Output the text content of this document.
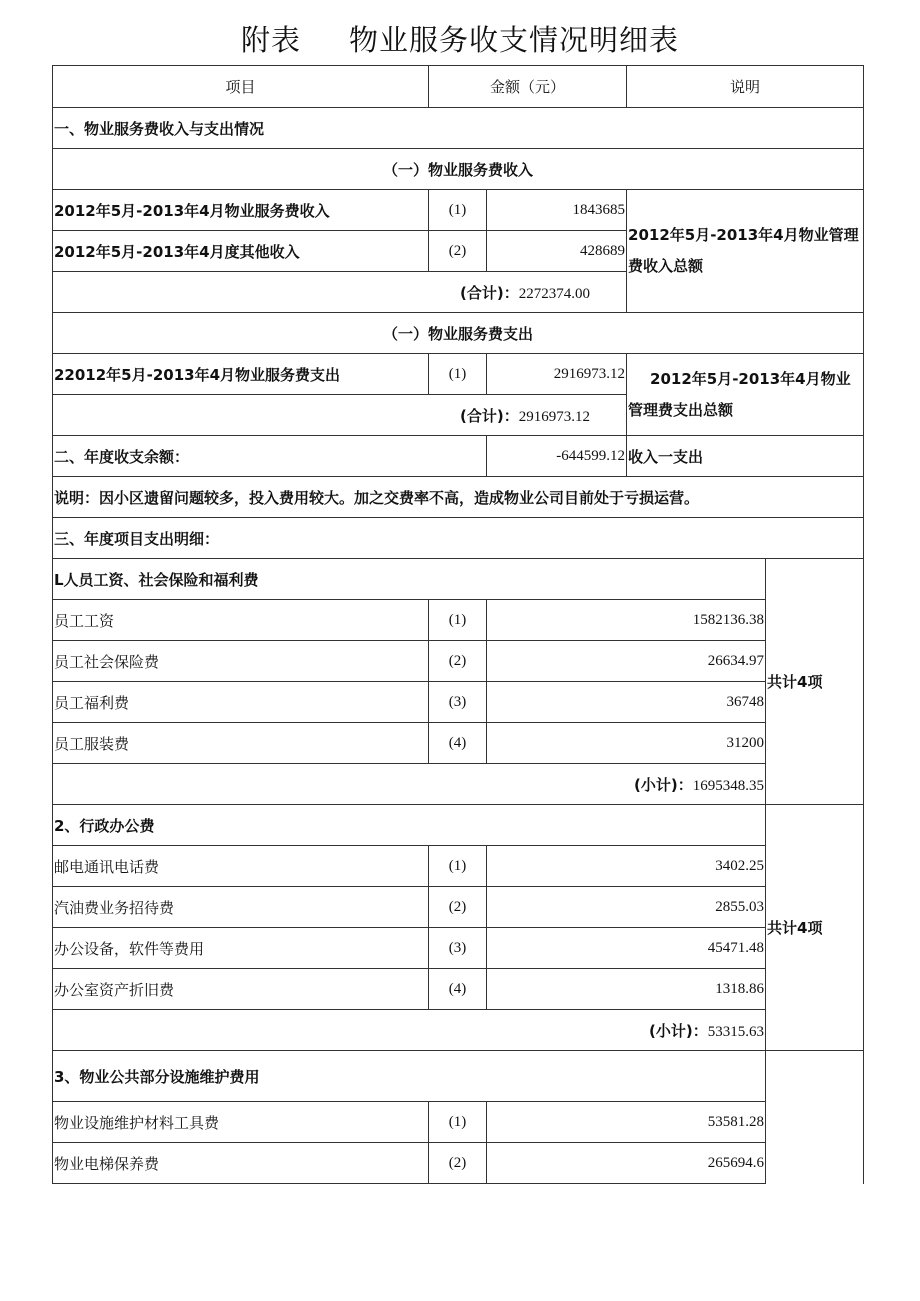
附表 物业服务收支情况明细表
项目	金额（元）		说明	
一、物业服务费收入与支出情况				
（一）物业服务费收入				
2012年5月-2013年4月物业服务费收入	(1)	1843685	2012年5月-2013年4月物业管理费收入总额	
2012年5月-2013年4月度其他收入	(2)	428689		
(合计)：2272374.00				
（一）物业服务费支出				
22012年5月-2013年4月物业服务费支出	(1)	2916973.12	2012年5月-2013年4月物业管理费支出总额	
(合计)：2916973.12				
二、年度收支余额：		-644599.12	收入一支出	
说明：因小区遗留问题较多，投入费用较大。加之交费率不高，造成物业公司目前处于亏损运营。				
三、年度项目支出明细：				
L人员工资、社会保险和福利费				共计4项
员工工资	(1)	1582136.38		
员工社会保险费	(2)	26634.97		
员工福利费	(3)	36748		
员工服装费	(4)	31200		
(小计)：1695348.35				
2、行政办公费				共计4项
邮电通讯电话费	(1)	3402.25		
汽油费业务招待费	(2)	2855.03		
办公设备，软件等费用	(3)	45471.48		
办公室资产折旧费	(4)	1318.86		
(小计)：53315.63				
3、物业公共部分设施维护费用				
物业设施维护材料工具费	(1)	53581.28		
物业电梯保养费	(2)	265694.6		
